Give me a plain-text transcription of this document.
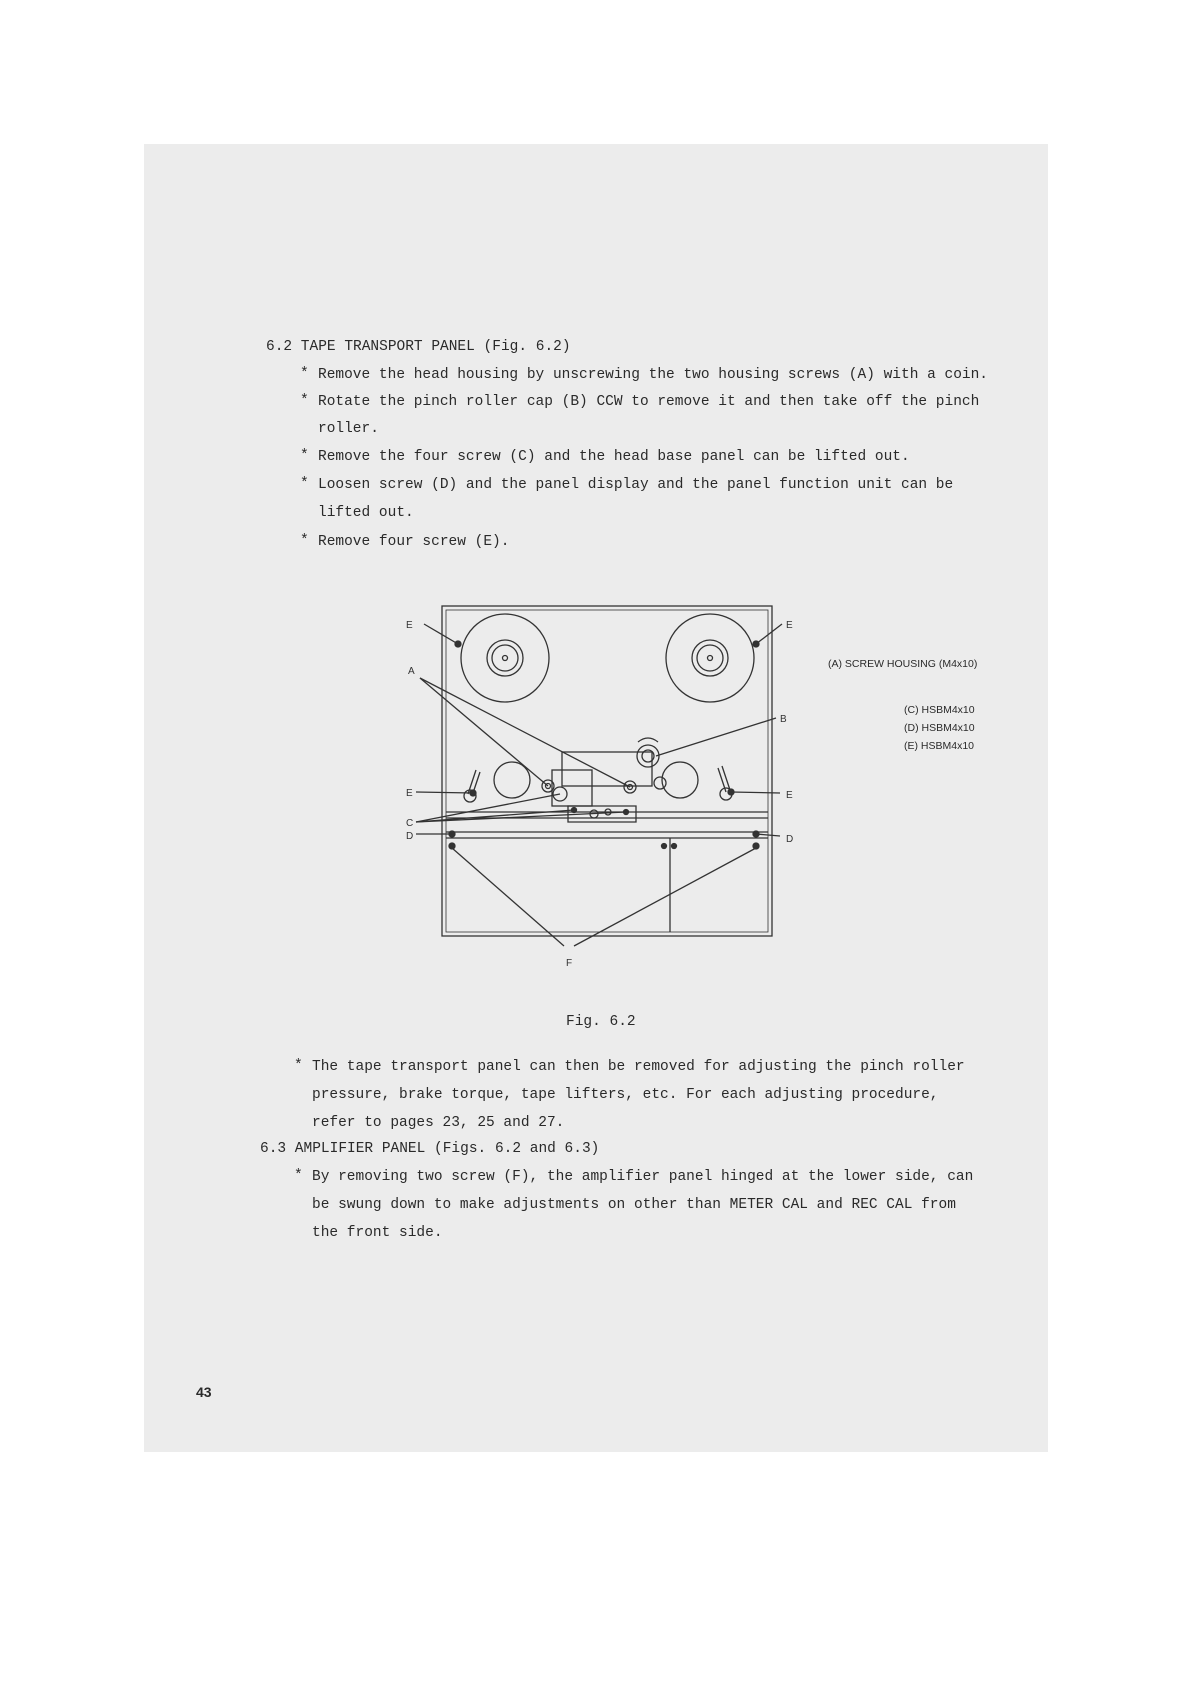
6.2 TAPE TRANSPORT PANEL (Fig. 6.2)
* Remove the head housing by unscrewing the two housing screws (A) with a coin.
* Rotate the pinch roller cap (B) CCW to remove it and then take off the pinch
roller.
* Remove the four screw (C) and the head base panel can be lifted out.
* Loosen screw (D) and the panel display and the panel function unit can be
lifted out.
* Remove four screw (E).
E	E
A
B
E	E
C
D	D
F
(A) SCREW HOUSING (M4x10)
(C) HSBM4x10
(D) HSBM4x10
(E) HSBM4x10
Fig. 6.2
* The tape transport panel can then be removed for adjusting the pinch roller
pressure, brake torque, tape lifters, etc. For each adjusting procedure,
refer to pages 23, 25 and 27.
6.3 AMPLIFIER PANEL (Figs. 6.2 and 6.3)
* By removing two screw (F), the amplifier panel hinged at the lower side, can
be swung down to make adjustments on other than METER CAL and REC CAL from
the front side.
43
